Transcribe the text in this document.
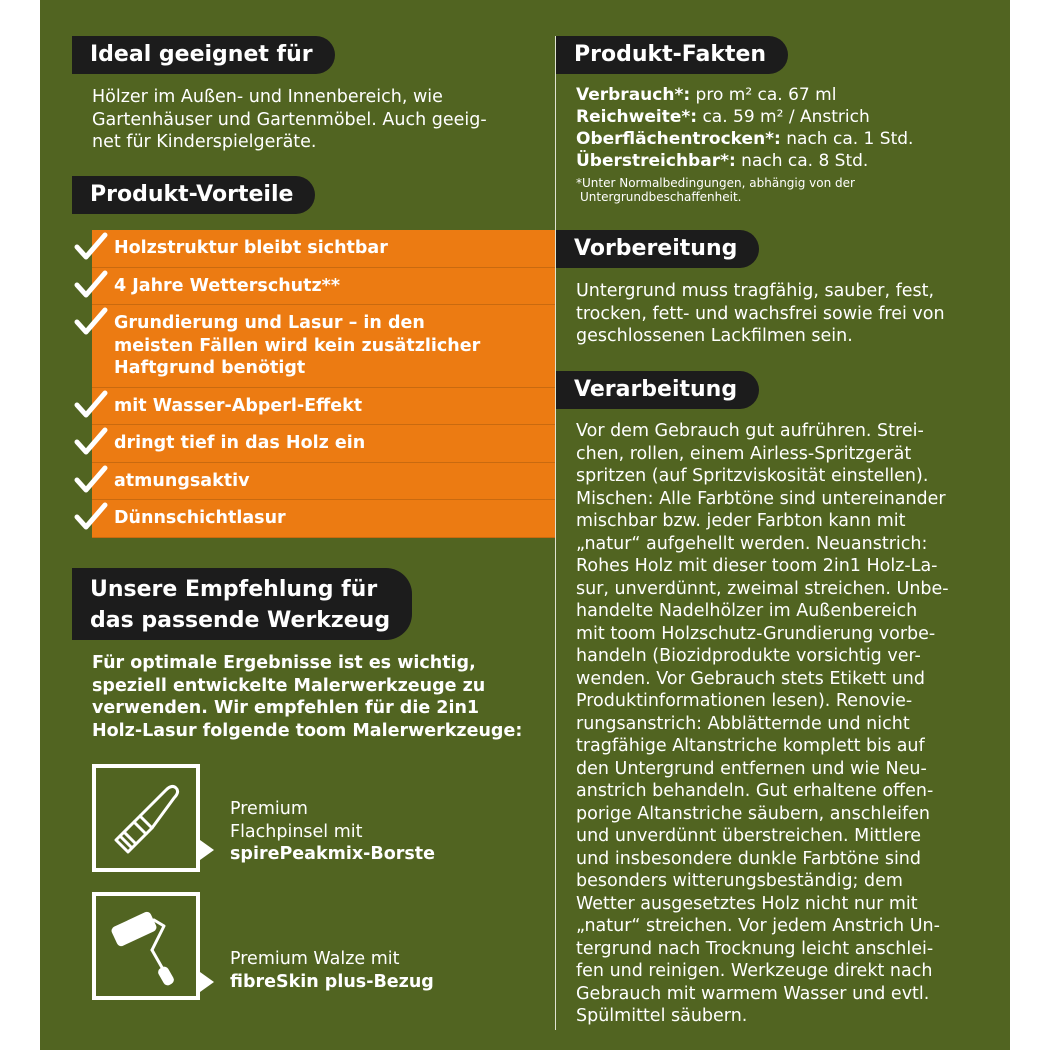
Ideal geeignet für
Hölzer im Außen- und Innenbereich, wie
Gartenhäuser und Gartenmöbel. Auch geeig-
net für Kinderspielgeräte.
Produkt-Vorteile
Holzstruktur bleibt sichtbar
4 Jahre Wetterschutz**
Grundierung und Lasur – in den
meisten Fällen wird kein zusätzlicher
Haftgrund benötigt
mit Wasser-Abperl-Effekt
dringt tief in das Holz ein
atmungsaktiv
Dünnschichtlasur
Unsere Empfehlung für
das passende Werkzeug
Für optimale Ergebnisse ist es wichtig,
speziell entwickelte Malerwerkzeuge zu
verwenden. Wir empfehlen für die 2in1
Holz-Lasur folgende toom Malerwerkzeuge:
Premium
Flachpinsel mit
spirePeakmix-Borste
Premium Walze mit
fibreSkin plus-Bezug
Produkt-Fakten
Verbrauch*: pro m² ca. 67 ml
Reichweite*: ca. 59 m² / Anstrich
Oberflächentrocken*: nach ca. 1 Std.
Überstreichbar*: nach ca. 8 Std.
*Unter Normalbedingungen, abhängig von der
Untergrundbeschaffenheit.
Vorbereitung
Untergrund muss tragfähig, sauber, fest,
trocken, fett- und wachsfrei sowie frei von
geschlossenen Lackfilmen sein.
Verarbeitung
Vor dem Gebrauch gut aufrühren. Strei-
chen, rollen, einem Airless-Spritzgerät
spritzen (auf Spritzviskosität einstellen).
Mischen: Alle Farbtöne sind untereinander
mischbar bzw. jeder Farbton kann mit
„natur“ aufgehellt werden. Neuanstrich:
Rohes Holz mit dieser toom 2in1 Holz-La-
sur, unverdünnt, zweimal streichen. Unbe-
handelte Nadelhölzer im Außenbereich
mit toom Holzschutz-Grundierung vorbe-
handeln (Biozidprodukte vorsichtig ver-
wenden. Vor Gebrauch stets Etikett und
Produktinformationen lesen). Renovie-
rungsanstrich: Abblätternde und nicht
tragfähige Altanstriche komplett bis auf
den Untergrund entfernen und wie Neu-
anstrich behandeln. Gut erhaltene offen-
porige Altanstriche säubern, anschleifen
und unverdünnt überstreichen. Mittlere
und insbesondere dunkle Farbtöne sind
besonders witterungsbeständig; dem
Wetter ausgesetztes Holz nicht nur mit
„natur“ streichen. Vor jedem Anstrich Un-
tergrund nach Trocknung leicht anschlei-
fen und reinigen. Werkzeuge direkt nach
Gebrauch mit warmem Wasser und evtl.
Spülmittel säubern.
